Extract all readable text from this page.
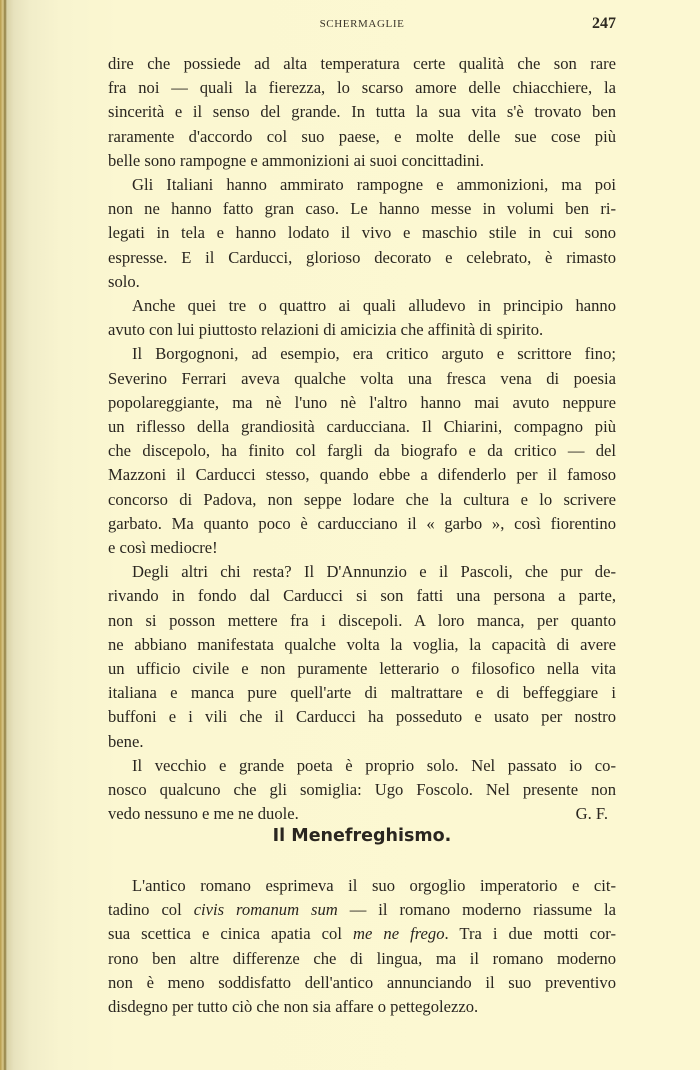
SCHERMAGLIE	247
dire che possiede ad alta temperatura certe qualità che son rare
fra noi — quali la fierezza, lo scarso amore delle chiacchiere, la
sincerità e il senso del grande. In tutta la sua vita s'è trovato ben
raramente d'accordo col suo paese, e molte delle sue cose più
belle sono rampogne e ammonizioni ai suoi concittadini.
Gli Italiani hanno ammirato rampogne e ammonizioni, ma poi
non ne hanno fatto gran caso. Le hanno messe in volumi ben ri-
legati in tela e hanno lodato il vivo e maschio stile in cui sono
espresse. E il Carducci, glorioso decorato e celebrato, è rimasto
solo.
Anche quei tre o quattro ai quali alludevo in principio hanno
avuto con lui piuttosto relazioni di amicizia che affinità di spirito.
Il Borgognoni, ad esempio, era critico arguto e scrittore fino;
Severino Ferrari aveva qualche volta una fresca vena di poesia
popolareggiante, ma nè l'uno nè l'altro hanno mai avuto neppure
un riflesso della grandiosità carducciana. Il Chiarini, compagno più
che discepolo, ha finito col fargli da biografo e da critico — del
Mazzoni il Carducci stesso, quando ebbe a difenderlo per il famoso
concorso di Padova, non seppe lodare che la cultura e lo scrivere
garbato. Ma quanto poco è carducciano il « garbo », così fiorentino
e così mediocre!
Degli altri chi resta? Il D'Annunzio e il Pascoli, che pur de-
rivando in fondo dal Carducci si son fatti una persona a parte,
non si posson mettere fra i discepoli. A loro manca, per quanto
ne abbiano manifestata qualche volta la voglia, la capacità di avere
un ufficio civile e non puramente letterario o filosofico nella vita
italiana e manca pure quell'arte di maltrattare e di beffeggiare i
buffoni e i vili che il Carducci ha posseduto e usato per nostro
bene.
Il vecchio e grande poeta è proprio solo. Nel passato io co-
nosco qualcuno che gli somiglia: Ugo Foscolo. Nel presente non
vedo nessuno e me ne duole.	G. F.
Il Menefreghismo.
L'antico romano esprimeva il suo orgoglio imperatorio e cit-
tadino col civis romanum sum — il romano moderno riassume la
sua scettica e cinica apatia col me ne frego. Tra i due motti cor-
rono ben altre differenze che di lingua, ma il romano moderno
non è meno soddisfatto dell'antico annunciando il suo preventivo
disdegno per tutto ciò che non sia affare o pettegolezzo.
